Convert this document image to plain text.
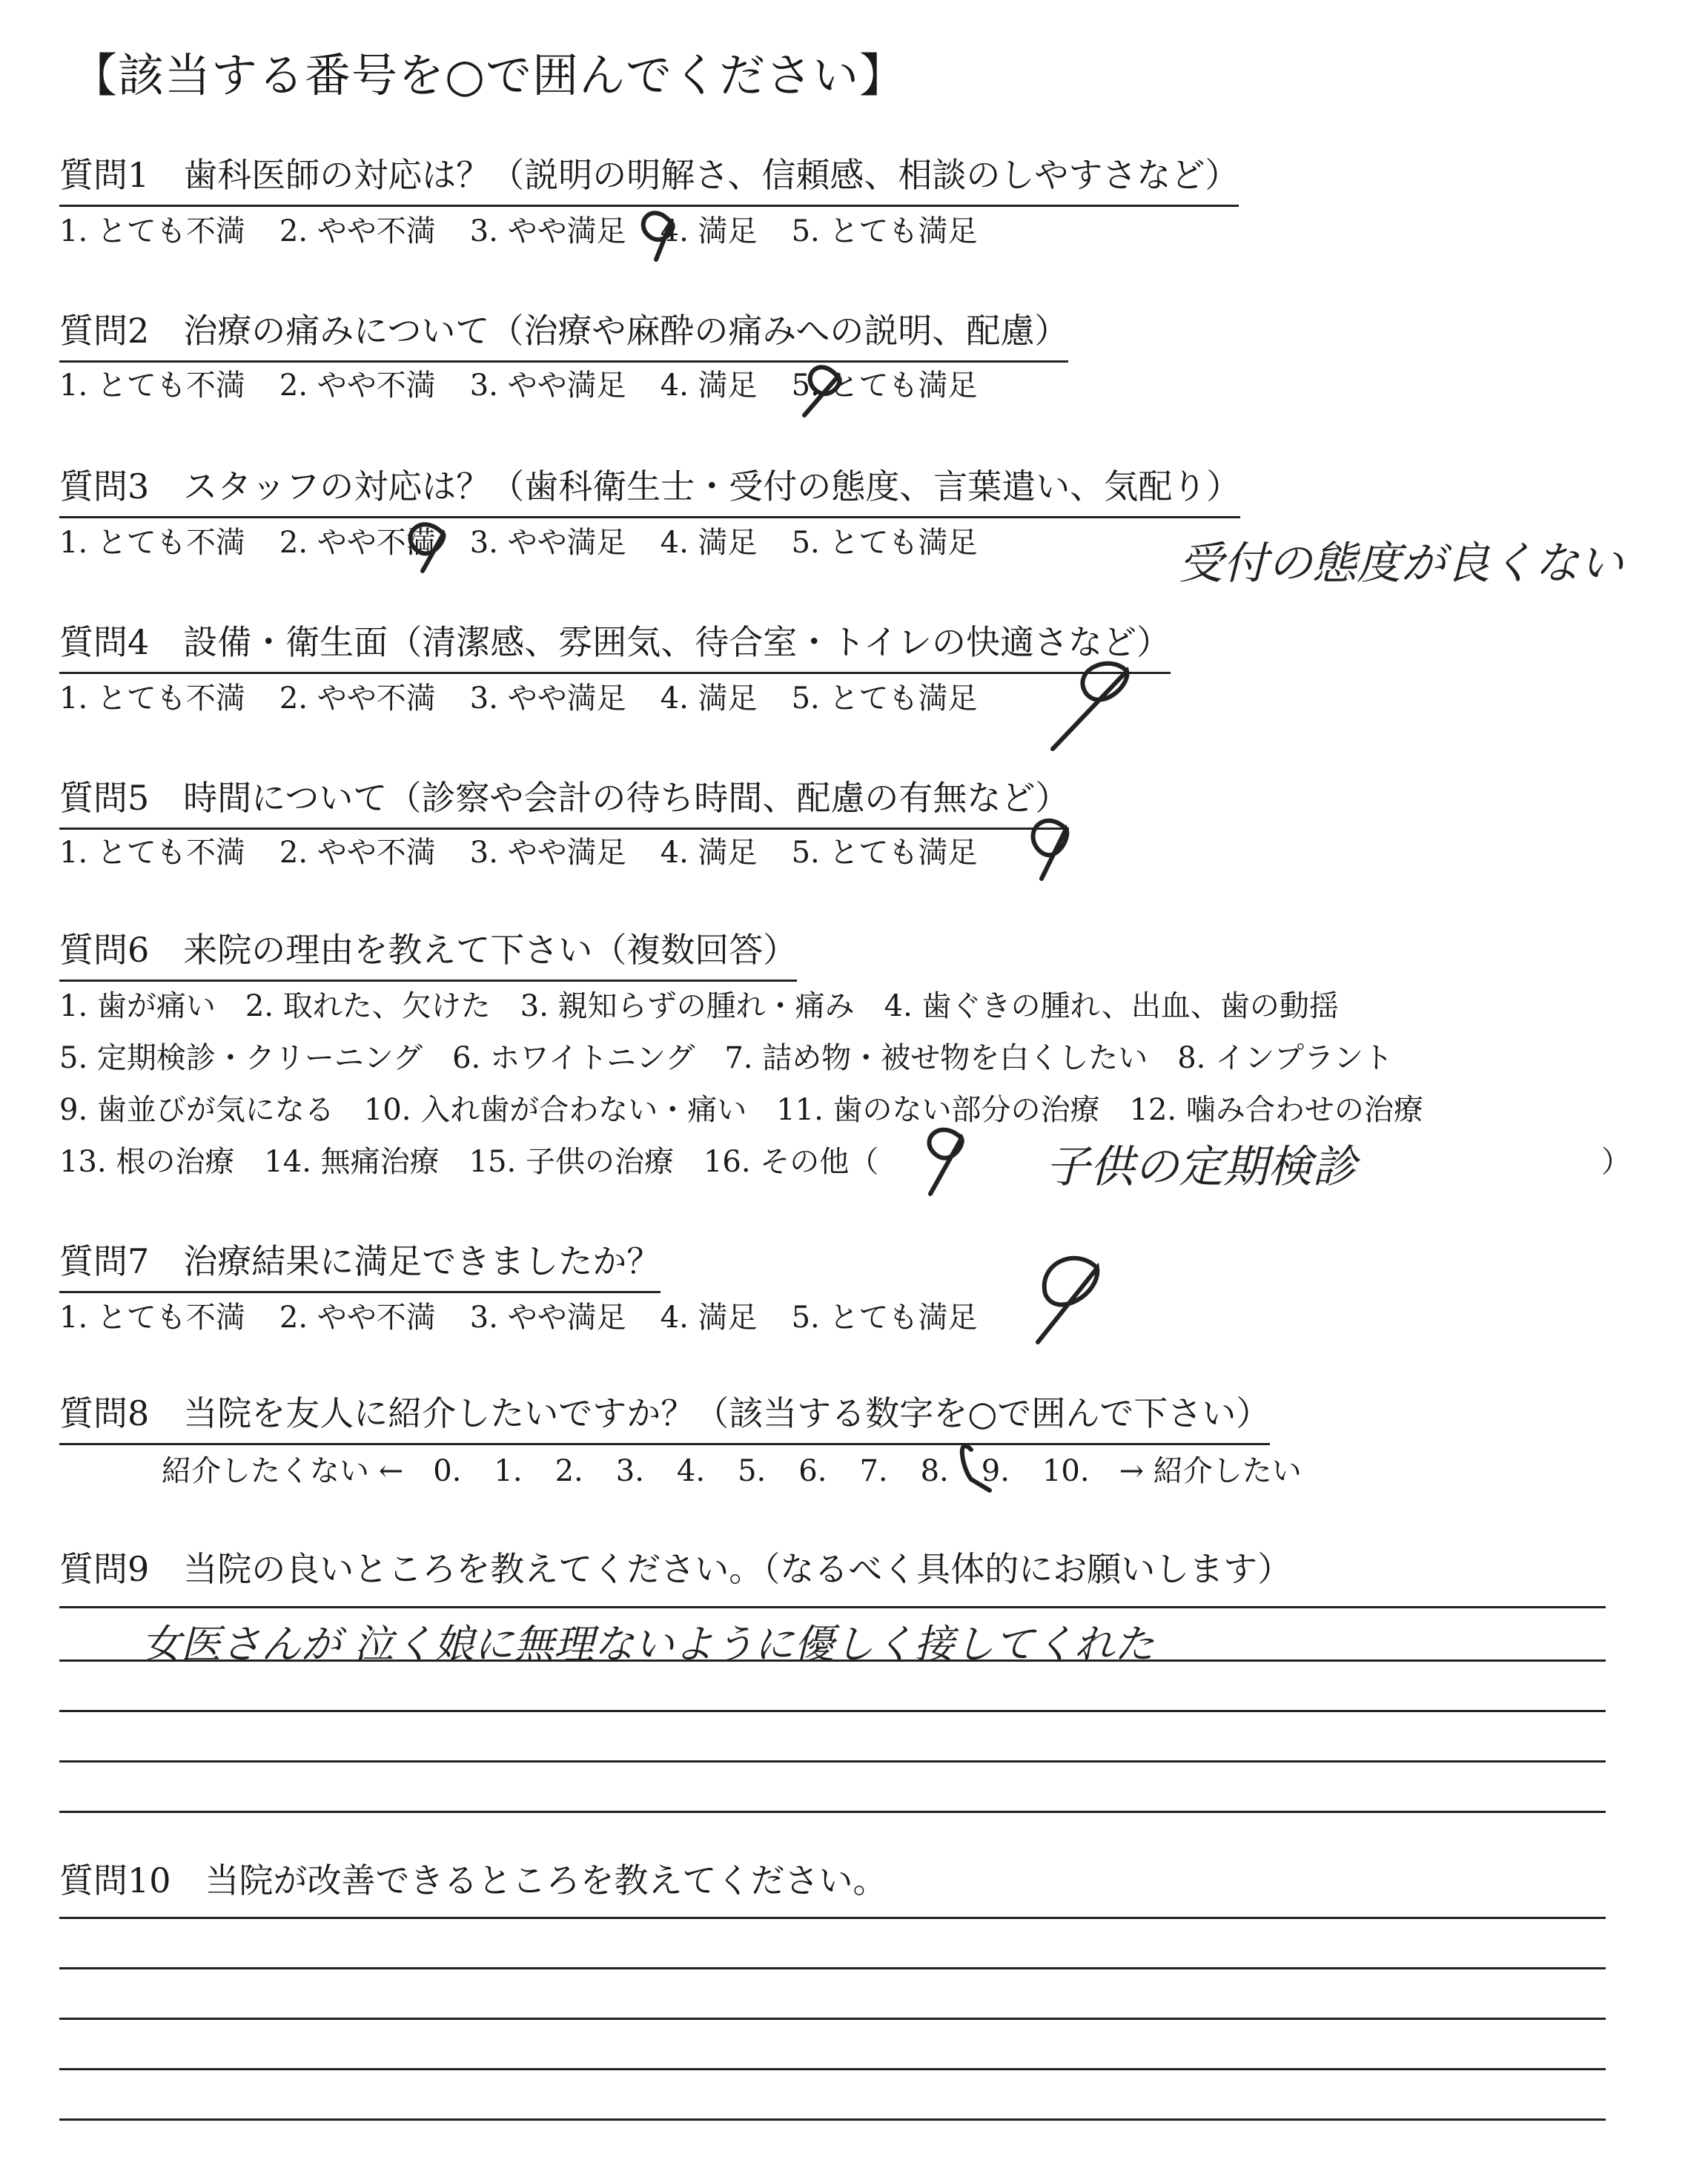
【該当する番号を○で囲んでください】
質問1　歯科医師の対応は？（説明の明解さ、信頼感、相談のしやすさなど）
1. とても不満 2. やや不満 3. やや満足 4. 満足 5. とても満足
質問2　治療の痛みについて（治療や麻酔の痛みへの説明、配慮）
1. とても不満 2. やや不満 3. やや満足 4. 満足 5. とても満足
質問3　スタッフの対応は？（歯科衛生士・受付の態度、言葉遣い、気配り）
1. とても不満 2. やや不満 3. やや満足 4. 満足 5. とても満足	受付の態度が良くない
質問4　設備・衛生面（清潔感、雰囲気、待合室・トイレの快適さなど）
1. とても不満 2. やや不満 3. やや満足 4. 満足 5. とても満足
質問5　時間について（診察や会計の待ち時間、配慮の有無など）
1. とても不満 2. やや不満 3. やや満足 4. 満足 5. とても満足
質問6　来院の理由を教えて下さい（複数回答）
1. 歯が痛い　2. 取れた、欠けた　3. 親知らずの腫れ・痛み　4. 歯ぐきの腫れ、出血、歯の動揺
5. 定期検診・クリーニング　6. ホワイトニング　7. 詰め物・被せ物を白くしたい　8. インプラント
9. 歯並びが気になる　10. 入れ歯が合わない・痛い　11. 歯のない部分の治療　12. 噛み合わせの治療
13. 根の治療　14. 無痛治療　15. 子供の治療　16. その他（	子供の定期検診	）
質問7　治療結果に満足できましたか？
1. とても不満 2. やや不満 3. やや満足 4. 満足 5. とても満足
質問8　当院を友人に紹介したいですか？（該当する数字を○で囲んで下さい）
紹介したくない ← 0. 1. 2. 3. 4. 5. 6. 7. 8. 9. 10. → 紹介したい
質問9　当院の良いところを教えてください。（なるべく具体的にお願いします）
女医さんが 泣く娘に無理ないように優しく接してくれた
質問10　当院が改善できるところを教えてください。
